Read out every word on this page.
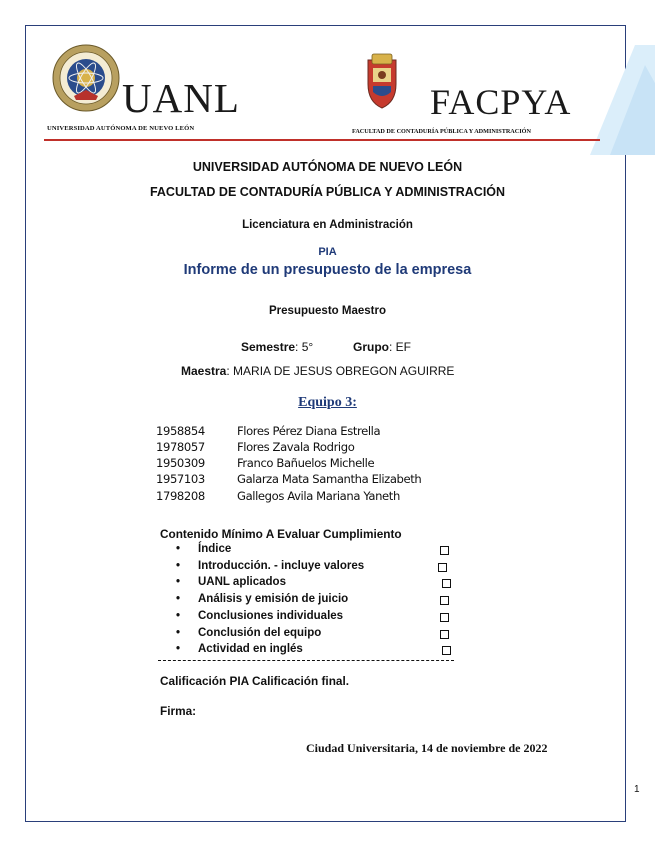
UANL
UNIVERSIDAD AUTÓNOMA DE NUEVO LEÓN
FACPYA
FACULTAD DE CONTADURÍA PÚBLICA Y ADMINISTRACIÓN
UNIVERSIDAD AUTÓNOMA DE NUEVO LEÓN
FACULTAD DE CONTADURÍA PÚBLICA Y ADMINISTRACIÓN
Licenciatura en Administración
PIA
Informe de un presupuesto de la empresa
Presupuesto Maestro
Semestre: 5°	Grupo: EF
Maestra: MARIA DE JESUS OBREGON AGUIRRE
Equipo 3:
1958854	Flores Pérez Diana Estrella
1978057	Flores Zavala Rodrigo
1950309	Franco Bañuelos Michelle
1957103	Galarza Mata Samantha Elizabeth
1798208	Gallegos Avila Mariana Yaneth
Contenido Mínimo A Evaluar Cumplimiento
• Índice
• Introducción. - incluye valores
• UANL aplicados
• Análisis y emisión de juicio
• Conclusiones individuales
• Conclusión del equipo
• Actividad en inglés
Calificación PIA Calificación final.
Firma:
Ciudad Universitaria, 14 de noviembre de 2022
1
